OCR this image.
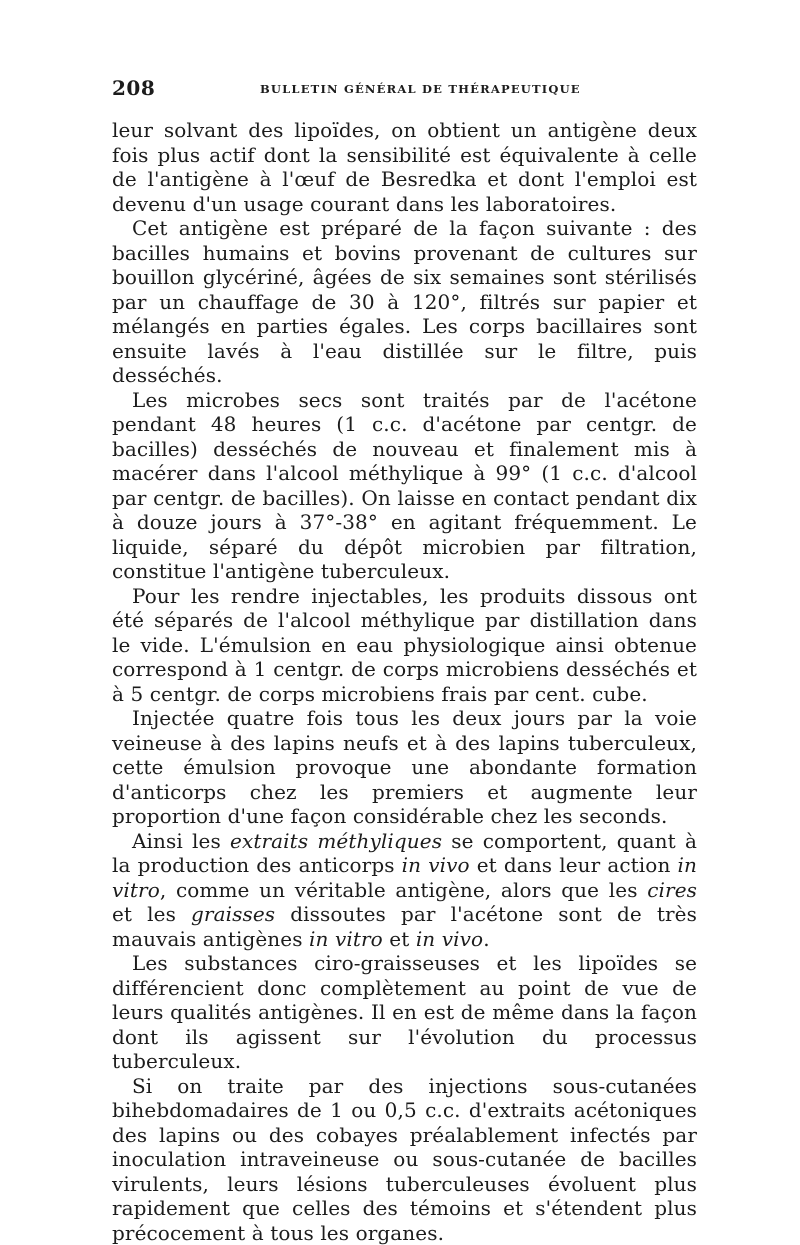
208	BULLETIN GÉNÉRAL DE THÉRAPEUTIQUE

leur solvant des lipoïdes, on obtient un antigène deux fois plus actif dont la sensibilité est équivalente à celle de l'antigène à l'œuf de Besredka et dont l'emploi est devenu d'un usage courant dans les laboratoires.

Cet antigène est préparé de la façon suivante : des bacilles humains et bovins provenant de cultures sur bouillon glycériné, âgées de six semaines sont stérilisés par un chauffage de 30 à 120°, filtrés sur papier et mélangés en parties égales. Les corps bacillaires sont ensuite lavés à l'eau distillée sur le filtre, puis desséchés.

Les microbes secs sont traités par de l'acétone pendant 48 heures (1 c.c. d'acétone par centgr. de bacilles) desséchés de nouveau et finalement mis à macérer dans l'alcool méthylique à 99° (1 c.c. d'alcool par centgr. de bacilles). On laisse en contact pendant dix à douze jours à 37°-38° en agitant fréquemment. Le liquide, séparé du dépôt microbien par filtration, constitue l'antigène tuberculeux.

Pour les rendre injectables, les produits dissous ont été séparés de l'alcool méthylique par distillation dans le vide. L'émulsion en eau physiologique ainsi obtenue correspond à 1 centgr. de corps microbiens desséchés et à 5 centgr. de corps microbiens frais par cent. cube.

Injectée quatre fois tous les deux jours par la voie veineuse à des lapins neufs et à des lapins tuberculeux, cette émulsion provoque une abondante formation d'anticorps chez les premiers et augmente leur proportion d'une façon considérable chez les seconds.

Ainsi les extraits méthyliques se comportent, quant à la production des anticorps in vivo et dans leur action in vitro, comme un véritable antigène, alors que les cires et les graisses dissoutes par l'acétone sont de très mauvais antigènes in vitro et in vivo.

Les substances ciro-graisseuses et les lipoïdes se différencient donc complètement au point de vue de leurs qualités antigènes. Il en est de même dans la façon dont ils agissent sur l'évolution du processus tuberculeux.

Si on traite par des injections sous-cutanées bihebdomadaires de 1 ou 0,5 c.c. d'extraits acétoniques des lapins ou des cobayes préalablement infectés par inoculation intraveineuse ou sous-cutanée de bacilles virulents, leurs lésions tuberculeuses évoluent plus rapidement que celles des témoins et s'étendent plus précocement à tous les organes.
